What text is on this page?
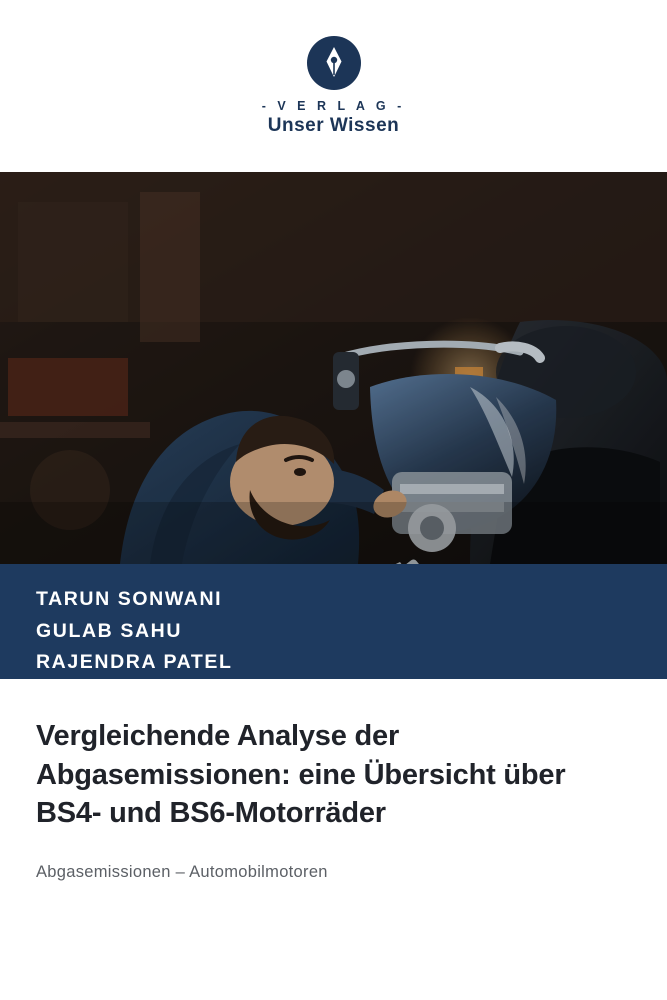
- V E R L A G -
Unser Wissen
TARUN SONWANI
GULAB SAHU
RAJENDRA PATEL
Vergleichende Analyse der Abgasemissionen: eine Übersicht über BS4- und BS6-Motorräder

Abgasemissionen – Automobilmotoren
